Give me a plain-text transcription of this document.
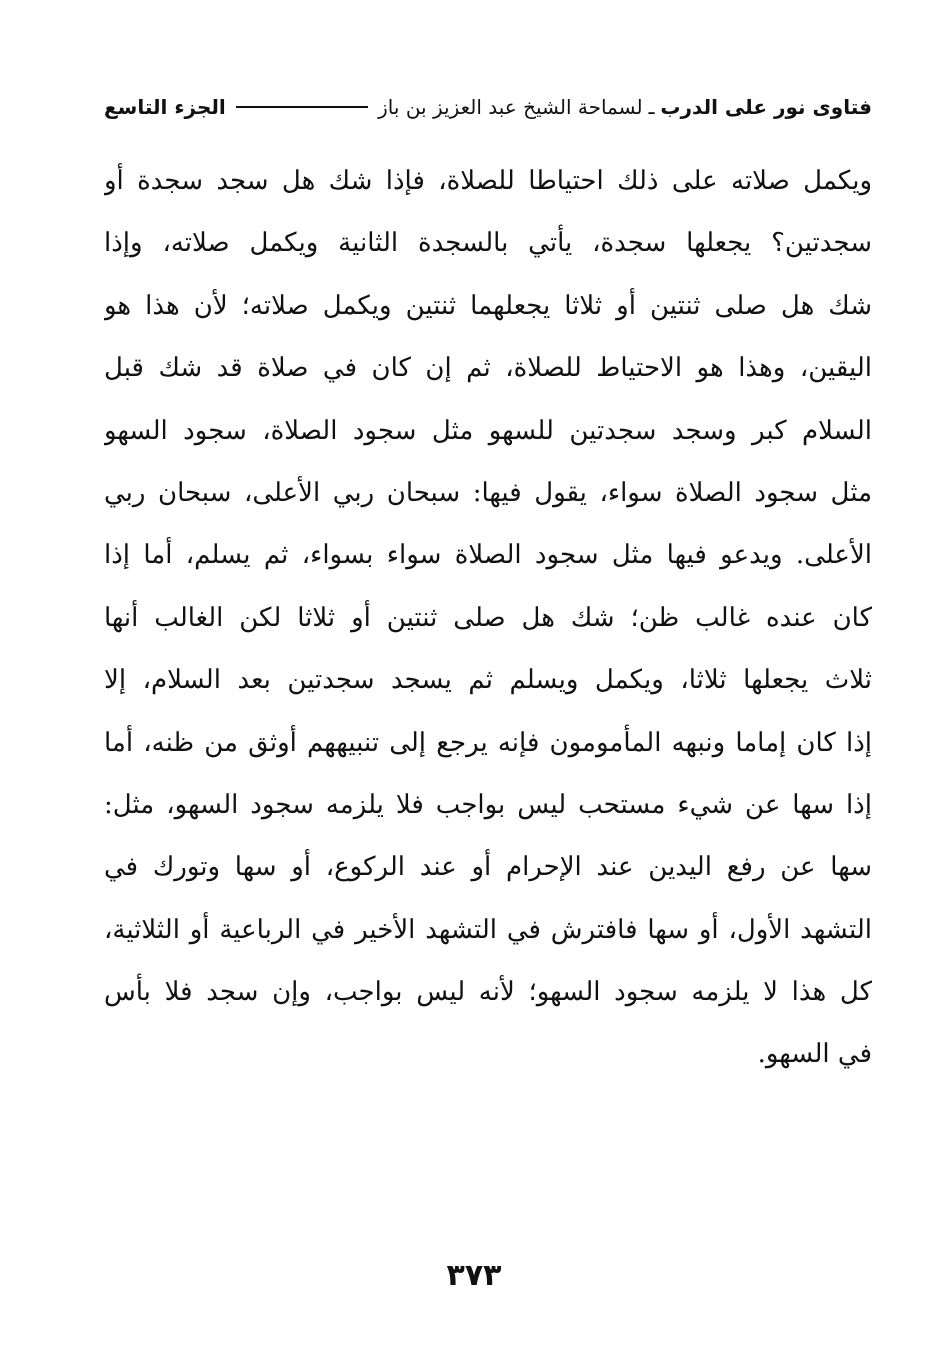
فتاوى نور على الدرب
ـ
لسماحة الشيخ عبد العزيز بن باز
الجزء التاسع
ويكمل صلاته على ذلك احتياطا للصلاة، فإذا شك هل سجد سجدة أو
سجدتين؟ يجعلها سجدة، يأتي بالسجدة الثانية ويكمل صلاته، وإذا
شك هل صلى ثنتين أو ثلاثا يجعلهما ثنتين ويكمل صلاته؛ لأن هذا هو
اليقين، وهذا هو الاحتياط للصلاة، ثم إن كان في صلاة قد شك قبل
السلام كبر وسجد سجدتين للسهو مثل سجود الصلاة، سجود السهو
مثل سجود الصلاة سواء، يقول فيها: سبحان ربي الأعلى، سبحان ربي
الأعلى. ويدعو فيها مثل سجود الصلاة سواء بسواء، ثم يسلم، أما إذا
كان عنده غالب ظن؛ شك هل صلى ثنتين أو ثلاثا لكن الغالب أنها
ثلاث يجعلها ثلاثا، ويكمل ويسلم ثم يسجد سجدتين بعد السلام، إلا
إذا كان إماما ونبهه المأمومون فإنه يرجع إلى تنبيههم أوثق من ظنه، أما
إذا سها عن شيء مستحب ليس بواجب فلا يلزمه سجود السهو، مثل:
سها عن رفع اليدين عند الإحرام أو عند الركوع، أو سها وتورك في
التشهد الأول، أو سها فافترش في التشهد الأخير في الرباعية أو الثلاثية،
كل هذا لا يلزمه سجود السهو؛ لأنه ليس بواجب، وإن سجد فلا بأس
في السهو.
٣٧٣
